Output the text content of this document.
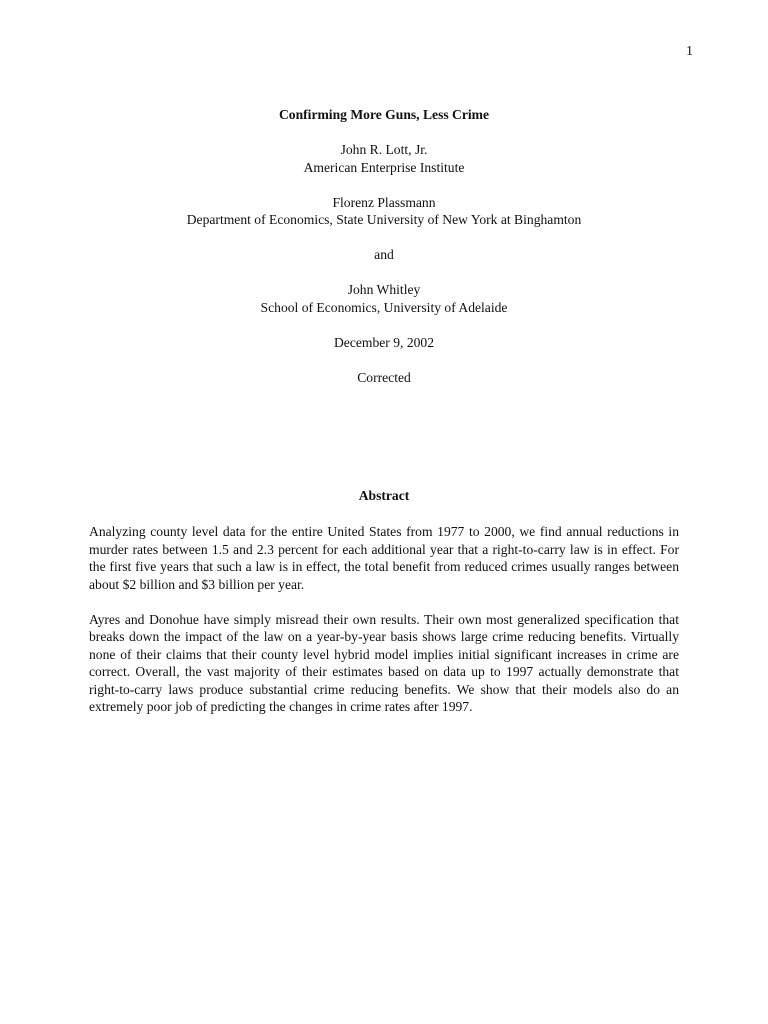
1
Confirming More Guns, Less Crime
John R. Lott, Jr.
American Enterprise Institute
Florenz Plassmann
Department of Economics, State University of New York at Binghamton
and
John Whitley
School of Economics, University of Adelaide
December 9, 2002
Corrected
Abstract

Analyzing county level data for the entire United States from 1977 to 2000, we find annual reductions in murder rates between 1.5 and 2.3 percent for each additional year that a right-to-carry law is in effect. For the first five years that such a law is in effect, the total benefit from reduced crimes usually ranges between about $2 billion and $3 billion per year.

Ayres and Donohue have simply misread their own results. Their own most generalized specification that breaks down the impact of the law on a year-by-year basis shows large crime reducing benefits. Virtually none of their claims that their county level hybrid model implies initial significant increases in crime are correct. Overall, the vast majority of their estimates based on data up to 1997 actually demonstrate that right-to-carry laws produce substantial crime reducing benefits. We show that their models also do an extremely poor job of predicting the changes in crime rates after 1997.
